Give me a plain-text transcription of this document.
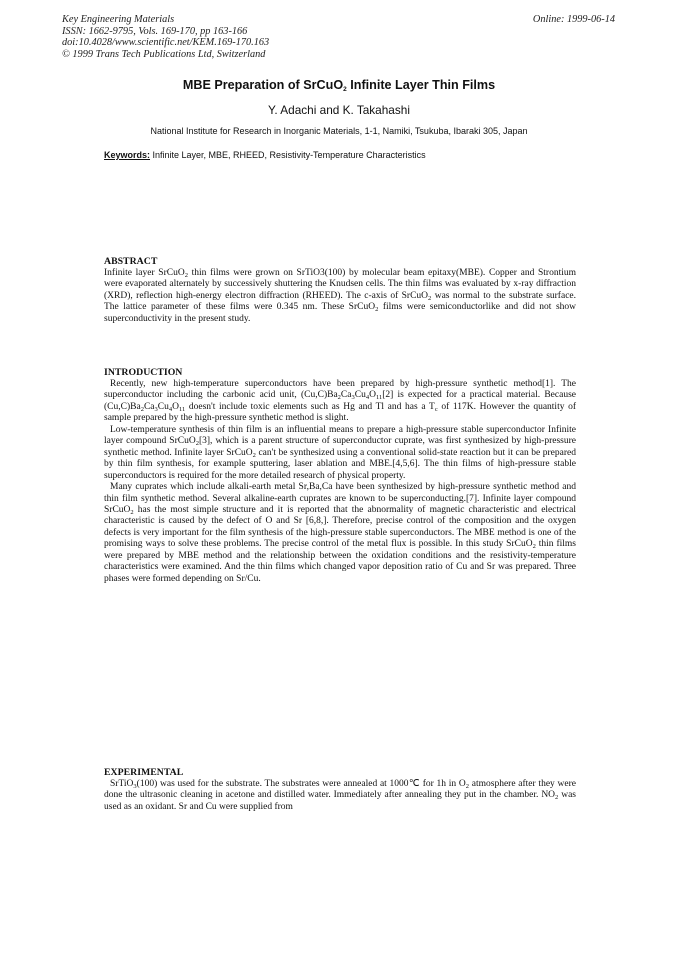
Key Engineering Materials
ISSN: 1662-9795, Vols. 169-170, pp 163-166
doi:10.4028/www.scientific.net/KEM.169-170.163
© 1999 Trans Tech Publications Ltd, Switzerland
Online: 1999-06-14
MBE Preparation of SrCuO$_2$ Infinite Layer Thin Films
Y. Adachi and K. Takahashi
National Institute for Research in Inorganic Materials, 1-1, Namiki, Tsukuba, Ibaraki 305, Japan
Keywords: Infinite Layer, MBE, RHEED, Resistivity-Temperature Characteristics
ABSTRACT

Infinite layer SrCuO$_2$ thin films were grown on SrTiO3(100) by molecular beam epitaxy(MBE). Copper and Strontium were evaporated alternately by successively shuttering the Knudsen cells. The thin films was evaluated by x-ray diffraction (XRD), reflection high-energy electron diffraction (RHEED). The c-axis of SrCuO$_2$ was normal to the substrate surface. The lattice parameter of these films were 0.345 nm. These SrCuO$_2$ films were semiconductorlike and did not show superconductivity in the present study.

INTRODUCTION

Recently, new high-temperature superconductors have been prepared by high-pressure synthetic method[1]. The superconductor including the carbonic acid unit, $(Cu,C)Ba_2Ca_3Cu_4O_{11}[2]$ is expected for a practical material. Because $(Cu,C)Ba_2Ca_3Cu_4O_{11}$ doesn't include toxic elements such as Hg and Tl and has a $T_c$ of 117K. However the quantity of sample prepared by the high-pressure synthetic method is slight.

Low-temperature synthesis of thin film is an influential means to prepare a high-pressure stable superconductor Infinite layer compound SrCuO$_2$[3], which is a parent structure of superconductor cuprate, was first synthesized by high-pressure synthetic method. Infinite layer SrCuO$_2$ can't be synthesized using a conventional solid-state reaction but it can be prepared by thin film synthesis, for example sputtering, laser ablation and MBE.[4,5,6]. The thin films of high-pressure stable superconductors is required for the more detailed research of physical property.

Many cuprates which include alkali-earth metal Sr,Ba,Ca have been synthesized by high-pressure synthetic method and thin film synthetic method. Several alkaline-earth cuprates are known to be superconducting.[7]. Infinite layer compound SrCuO$_2$ has the most simple structure and it is reported that the abnormality of magnetic characteristic and electrical characteristic is caused by the defect of O and Sr [6,8,]. Therefore, precise control of the composition and the oxygen defects is very important for the film synthesis of the high-pressure stable superconductors. The MBE method is one of the promising ways to solve these problems. The precise control of the metal flux is possible. In this study SrCuO$_2$ thin films were prepared by MBE method and the relationship between the oxidation conditions and the resistivity-temperature characteristics were examined. And the thin films which changed vapor deposition ratio of Cu and Sr was prepared. Three phases were formed depending on Sr/Cu.

EXPERIMENTAL

SrTiO$_3$(100) was used for the substrate. The substrates were annealed at 1000℃ for 1h in $O_2$ atmosphere after they were done the ultrasonic cleaning in acetone and distilled water. Immediately after annealing they put in the chamber. $NO_2$ was used as an oxidant. Sr and Cu were supplied from
